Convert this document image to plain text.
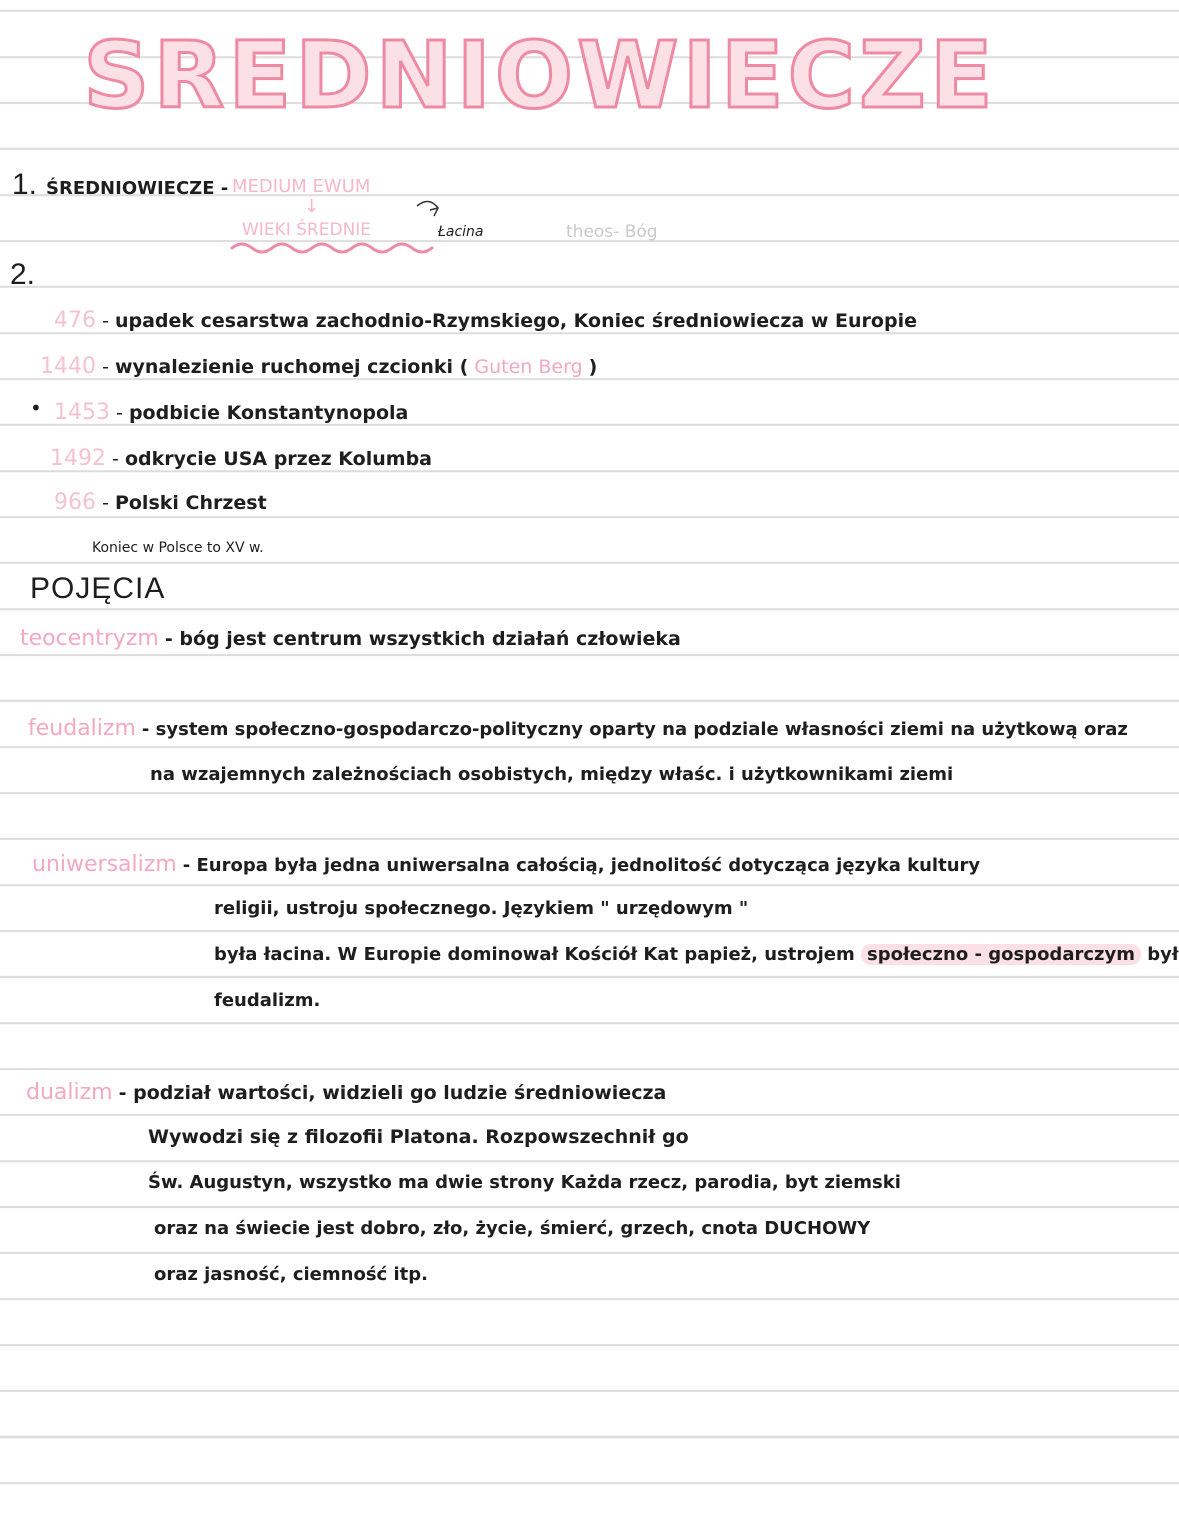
SREDNIOWIECZE
1. ŚREDNIOWIECZE - MEDIUM EWUM
↓
WIEKI ŚREDNIE	Łacina	theos- Bóg
2.
476 - upadek cesarstwa zachodnio-Rzymskiego, Koniec średniowiecza w Europie
1440 - wynalezienie ruchomej czcionki ( Guten Berg )
• 1453 - podbicie Konstantynopola
1492 - odkrycie USA przez Kolumba
966 - Polski Chrzest
Koniec w Polsce to XV w.
POJĘCIA
teocentryzm - bóg jest centrum wszystkich działań człowieka
feudalizm - system społeczno-gospodarczo-polityczny oparty na podziale własności ziemi na użytkową oraz
na wzajemnych zależnościach osobistych, między właśc. i użytkownikami ziemi
uniwersalizm - Europa była jedna uniwersalna całością, jednolitość dotycząca języka kultury
religii, ustroju społecznego. Językiem " urzędowym "
była łacina. W Europie dominował Kościół Kat papież, ustrojem społeczno - gospodarczym był
feudalizm.
dualizm - podział wartości, widzieli go ludzie średniowiecza
Wywodzi się z filozofii Platona. Rozpowszechnił go
Św. Augustyn, wszystko ma dwie strony Każda rzecz, parodia, byt ziemski
oraz na świecie jest dobro, zło, życie, śmierć, grzech, cnota DUCHOWY
oraz jasność, ciemność itp.
